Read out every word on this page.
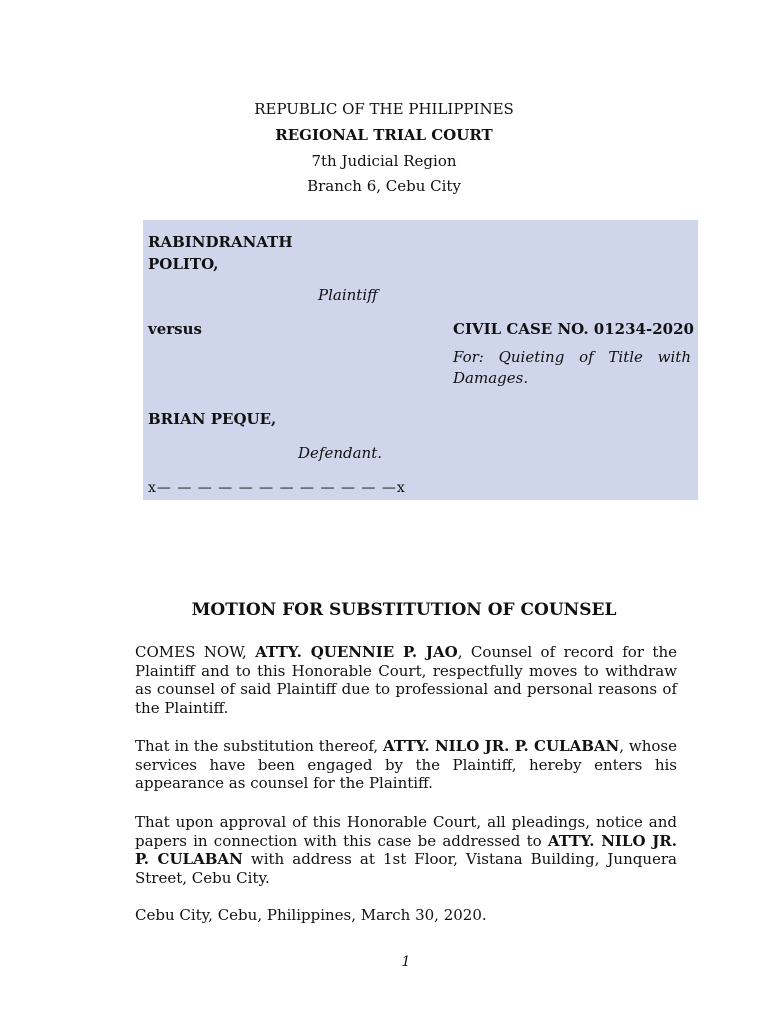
REPUBLIC OF THE PHILIPPINES
REGIONAL TRIAL COURT
7th Judicial Region
Branch 6, Cebu City
RABINDRANATH
POLITO,
Plaintiff
versus	CIVIL CASE NO. 01234-2020
For: Quieting of Title with Damages.
BRIAN PEQUE,
Defendant.
x— — — — — — — — — — — —x
MOTION FOR SUBSTITUTION OF COUNSEL
COMES NOW, ATTY. QUENNIE P. JAO, Counsel of record for the Plaintiff and to this Honorable Court, respectfully moves to withdraw as counsel of said Plaintiff due to professional and personal reasons of the Plaintiff.
That in the substitution thereof, ATTY. NILO JR. P. CULABAN, whose services have been engaged by the Plaintiff, hereby enters his appearance as counsel for the Plaintiff.
That upon approval of this Honorable Court, all pleadings, notice and papers in connection with this case be addressed to ATTY. NILO JR. P. CULABAN with address at 1st Floor, Vistana Building, Junquera Street, Cebu City.
Cebu City, Cebu, Philippines, March 30, 2020.
1
